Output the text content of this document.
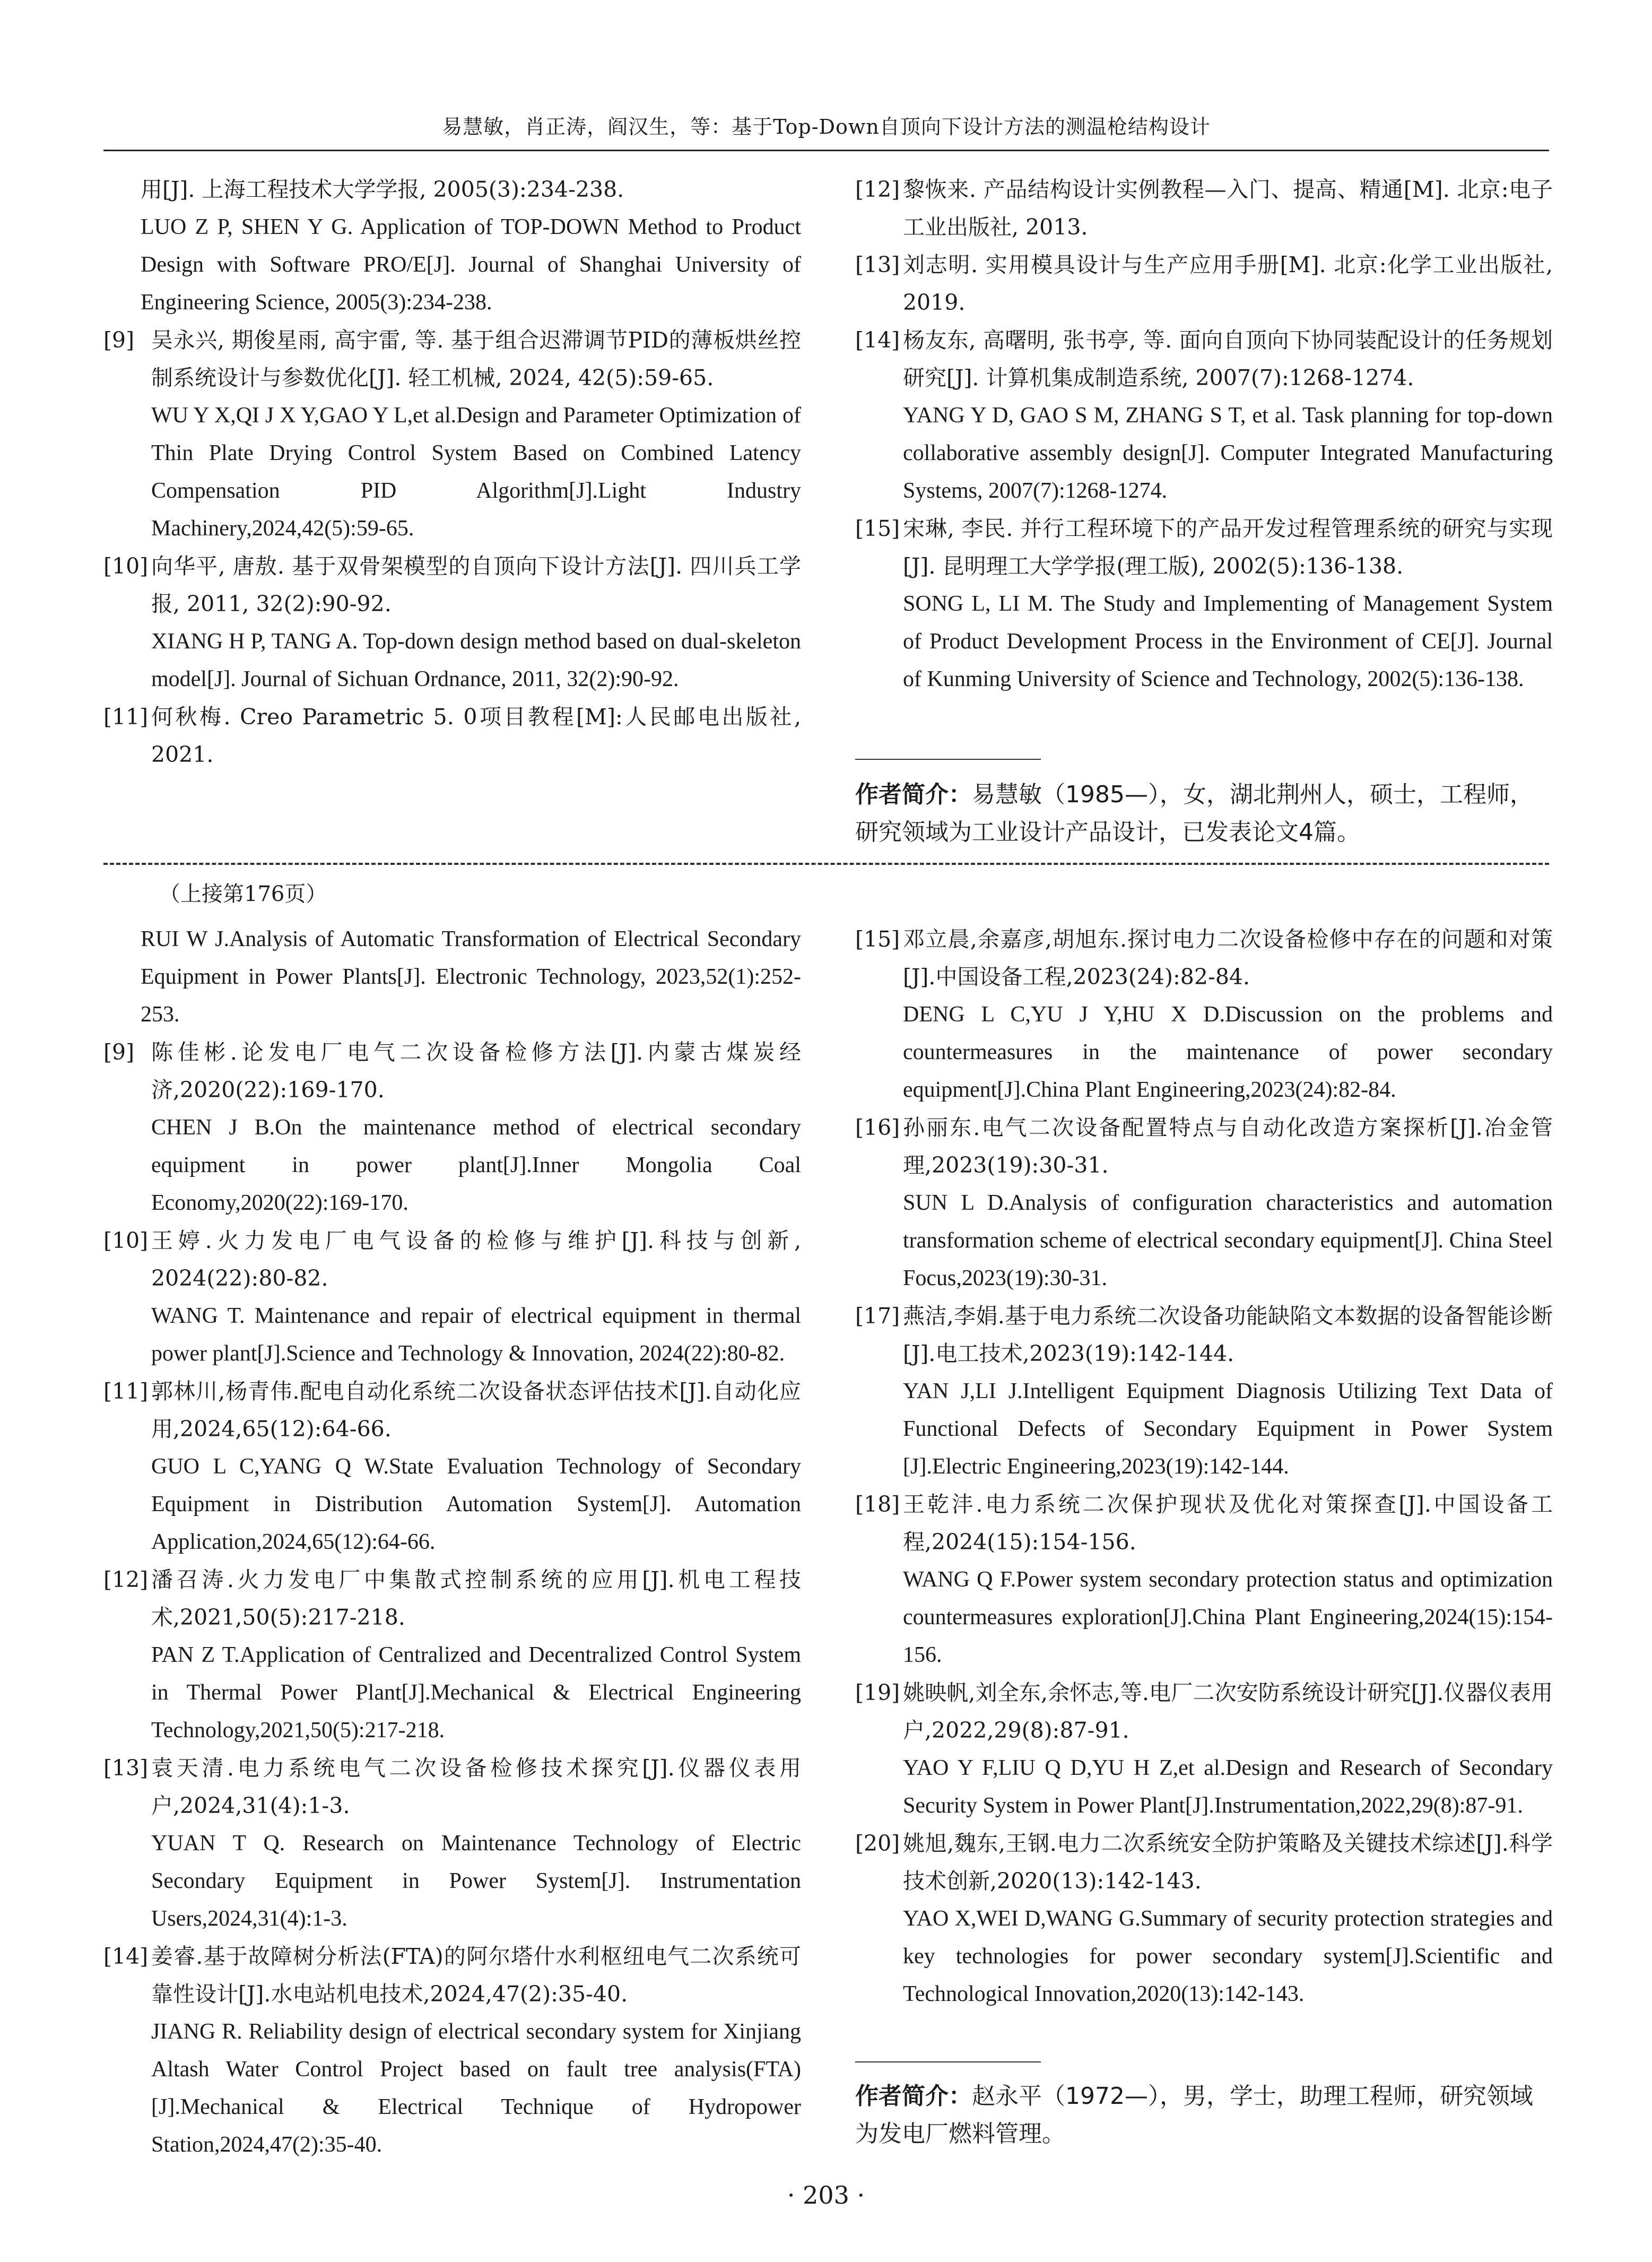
易慧敏，肖正涛，阎汉生，等：基于Top-Down自顶向下设计方法的测温枪结构设计
用[J]. 上海工程技术大学学报, 2005(3):234-238.
LUO Z P, SHEN Y G. Application of TOP-DOWN Method to Product Design with Software PRO/E[J]. Journal of Shanghai University of Engineering Science, 2005(3):234-238.
[9] 吴永兴, 期俊星雨, 高宇雷, 等. 基于组合迟滞调节PID的薄板烘丝控制系统设计与参数优化[J]. 轻工机械, 2024, 42(5):59-65.
WU Y X,QI J X Y,GAO Y L,et al.Design and Parameter Optimization of Thin Plate Drying Control System Based on Combined Latency Compensation PID Algorithm[J].Light Industry Machinery,2024,42(5):59-65.
[10] 向华平, 唐敖. 基于双骨架模型的自顶向下设计方法[J]. 四川兵工学报, 2011, 32(2):90-92.
XIANG H P, TANG A. Top-down design method based on dual-skeleton model[J]. Journal of Sichuan Ordnance, 2011, 32(2):90-92.
[11] 何秋梅. Creo Parametric 5. 0项目教程[M]:人民邮电出版社, 2021.
[12] 黎恢来. 产品结构设计实例教程—入门、提高、精通[M]. 北京:电子工业出版社, 2013.
[13] 刘志明. 实用模具设计与生产应用手册[M]. 北京:化学工业出版社, 2019.
[14] 杨友东, 高曙明, 张书亭, 等. 面向自顶向下协同装配设计的任务规划研究[J]. 计算机集成制造系统, 2007(7):1268-1274.
YANG Y D, GAO S M, ZHANG S T, et al. Task planning for top-down collaborative assembly design[J]. Computer Integrated Manufacturing Systems, 2007(7):1268-1274.
[15] 宋琳, 李民. 并行工程环境下的产品开发过程管理系统的研究与实现[J]. 昆明理工大学学报(理工版), 2002(5):136-138.
SONG L, LI M. The Study and Implementing of Management System of Product Development Process in the Environment of CE[J]. Journal of Kunming University of Science and Technology, 2002(5):136-138.
作者简介：易慧敏（1985—），女，湖北荆州人，硕士，工程师，研究领域为工业设计产品设计，已发表论文4篇。
（上接第176页）
RUI W J.Analysis of Automatic Transformation of Electrical Secondary Equipment in Power Plants[J]. Electronic Technology, 2023,52(1):252-253.
[9] 陈佳彬.论发电厂电气二次设备检修方法[J].内蒙古煤炭经济,2020(22):169-170.
CHEN J B.On the maintenance method of electrical secondary equipment in power plant[J].Inner Mongolia Coal Economy,2020(22):169-170.
[10] 王婷.火力发电厂电气设备的检修与维护[J].科技与创新, 2024(22):80-82.
WANG T. Maintenance and repair of electrical equipment in thermal power plant[J].Science and Technology & Innovation, 2024(22):80-82.
[11] 郭林川,杨青伟.配电自动化系统二次设备状态评估技术[J].自动化应用,2024,65(12):64-66.
GUO L C,YANG Q W.State Evaluation Technology of Secondary Equipment in Distribution Automation System[J]. Automation Application,2024,65(12):64-66.
[12] 潘召涛.火力发电厂中集散式控制系统的应用[J].机电工程技术,2021,50(5):217-218.
PAN Z T.Application of Centralized and Decentralized Control System in Thermal Power Plant[J].Mechanical & Electrical Engineering Technology,2021,50(5):217-218.
[13] 袁天清.电力系统电气二次设备检修技术探究[J].仪器仪表用户,2024,31(4):1-3.
YUAN T Q. Research on Maintenance Technology of Electric Secondary Equipment in Power System[J]. Instrumentation Users,2024,31(4):1-3.
[14] 姜睿.基于故障树分析法(FTA)的阿尔塔什水利枢纽电气二次系统可靠性设计[J].水电站机电技术,2024,47(2):35-40.
JIANG R. Reliability design of electrical secondary system for Xinjiang Altash Water Control Project based on fault tree analysis(FTA)[J].Mechanical & Electrical Technique of Hydropower Station,2024,47(2):35-40.
[15] 邓立晨,余嘉彦,胡旭东.探讨电力二次设备检修中存在的问题和对策[J].中国设备工程,2023(24):82-84.
DENG L C,YU J Y,HU X D.Discussion on the problems and countermeasures in the maintenance of power secondary equipment[J].China Plant Engineering,2023(24):82-84.
[16] 孙丽东.电气二次设备配置特点与自动化改造方案探析[J].冶金管理,2023(19):30-31.
SUN L D.Analysis of configuration characteristics and automation transformation scheme of electrical secondary equipment[J]. China Steel Focus,2023(19):30-31.
[17] 燕洁,李娟.基于电力系统二次设备功能缺陷文本数据的设备智能诊断[J].电工技术,2023(19):142-144.
YAN J,LI J.Intelligent Equipment Diagnosis Utilizing Text Data of Functional Defects of Secondary Equipment in Power System [J].Electric Engineering,2023(19):142-144.
[18] 王乾沣.电力系统二次保护现状及优化对策探查[J].中国设备工程,2024(15):154-156.
WANG Q F.Power system secondary protection status and optimization countermeasures exploration[J].China Plant Engineering,2024(15):154-156.
[19] 姚映帆,刘全东,余怀志,等.电厂二次安防系统设计研究[J].仪器仪表用户,2022,29(8):87-91.
YAO Y F,LIU Q D,YU H Z,et al.Design and Research of Secondary Security System in Power Plant[J].Instrumentation,2022,29(8):87-91.
[20] 姚旭,魏东,王钢.电力二次系统安全防护策略及关键技术综述[J].科学技术创新,2020(13):142-143.
YAO X,WEI D,WANG G.Summary of security protection strategies and key technologies for power secondary system[J].Scientific and Technological Innovation,2020(13):142-143.
作者简介：赵永平（1972—），男，学士，助理工程师，研究领域为发电厂燃料管理。
· 203 ·
